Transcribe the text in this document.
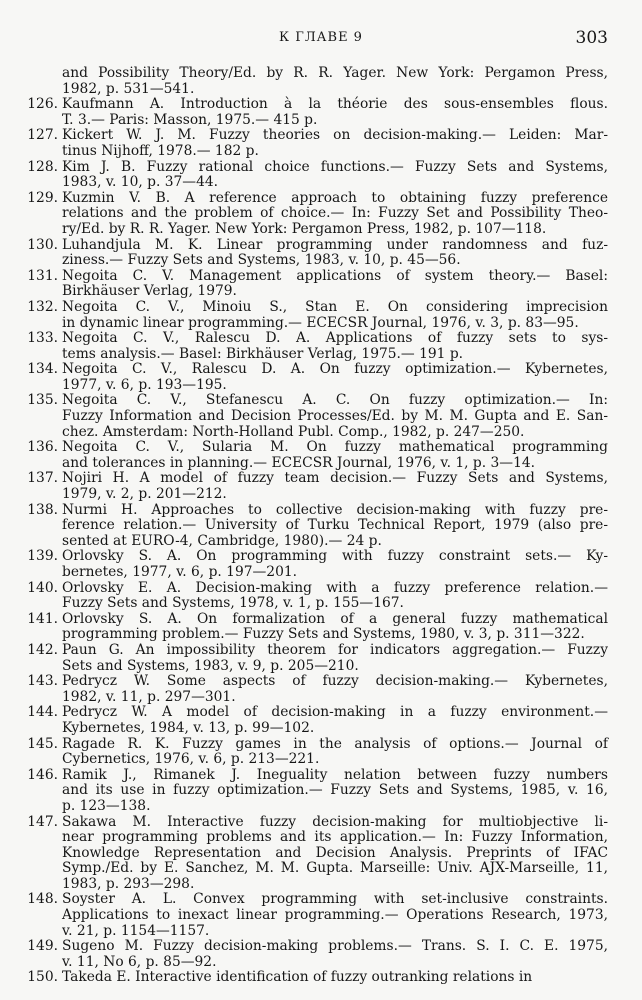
К ГЛАВЕ 9	303
and Possibility Theory/Ed. by R. R. Yager. New York: Pergamon Press,
1982, p. 531—541.
126. Kaufmann A. Introduction à la théorie des sous-ensembles flous.
T. 3.— Paris: Masson, 1975.— 415 p.
127. Kickert W. J. M. Fuzzy theories on decision-making.— Leiden: Mar-
tinus Nijhoff, 1978.— 182 p.
128. Kim J. B. Fuzzy rational choice functions.— Fuzzy Sets and Systems,
1983, v. 10, p. 37—44.
129. Kuzmin V. B. A reference approach to obtaining fuzzy preference
relations and the problem of choice.— In: Fuzzy Set and Possibility Theo-
ry/Ed. by R. R. Yager. New York: Pergamon Press, 1982, p. 107—118.
130. Luhandjula M. K. Linear programming under randomness and fuz-
ziness.— Fuzzy Sets and Systems, 1983, v. 10, p. 45—56.
131. Negoita C. V. Management applications of system theory.— Basel:
Birkhäuser Verlag, 1979.
132. Negoita C. V., Minoiu S., Stan E. On considering imprecision
in dynamic linear programming.— ECECSR Journal, 1976, v. 3, p. 83—95.
133. Negoita C. V., Ralescu D. A. Applications of fuzzy sets to sys-
tems analysis.— Basel: Birkhäuser Verlag, 1975.— 191 p.
134. Negoita C. V., Ralescu D. A. On fuzzy optimization.— Kybernetes,
1977, v. 6, p. 193—195.
135. Negoita C. V., Stefanescu A. C. On fuzzy optimization.— In:
Fuzzy Information and Decision Processes/Ed. by M. M. Gupta and E. San-
chez. Amsterdam: North-Holland Publ. Comp., 1982, p. 247—250.
136. Negoita C. V., Sularia M. On fuzzy mathematical programming
and tolerances in planning.— ECECSR Journal, 1976, v. 1, p. 3—14.
137. Nojiri H. A model of fuzzy team decision.— Fuzzy Sets and Systems,
1979, v. 2, p. 201—212.
138. Nurmi H. Approaches to collective decision-making with fuzzy pre-
ference relation.— University of Turku Technical Report, 1979 (also pre-
sented at EURO-4, Cambridge, 1980).— 24 p.
139. Orlovsky S. A. On programming with fuzzy constraint sets.— Ky-
bernetes, 1977, v. 6, p. 197—201.
140. Orlovsky E. A. Decision-making with a fuzzy preference relation.—
Fuzzy Sets and Systems, 1978, v. 1, p. 155—167.
141. Orlovsky S. A. On formalization of a general fuzzy mathematical
programming problem.— Fuzzy Sets and Systems, 1980, v. 3, p. 311—322.
142. Paun G. An impossibility theorem for indicators aggregation.— Fuzzy
Sets and Systems, 1983, v. 9, p. 205—210.
143. Pedrycz W. Some aspects of fuzzy decision-making.— Kybernetes,
1982, v. 11, p. 297—301.
144. Pedrycz W. A model of decision-making in a fuzzy environment.—
Kybernetes, 1984, v. 13, p. 99—102.
145. Ragade R. K. Fuzzy games in the analysis of options.— Journal of
Cybernetics, 1976, v. 6, p. 213—221.
146. Ramik J., Rimanek J. Ineguality nelation between fuzzy numbers
and its use in fuzzy optimization.— Fuzzy Sets and Systems, 1985, v. 16,
p. 123—138.
147. Sakawa M. Interactive fuzzy decision-making for multiobjective li-
near programming problems and its application.— In: Fuzzy Information,
Knowledge Representation and Decision Analysis. Preprints of IFAC
Symp./Ed. by E. Sanchez, M. M. Gupta. Marseille: Univ. AJX-Marseille, 11,
1983, p. 293—298.
148. Soyster A. L. Convex programming with set-inclusive constraints.
Applications to inexact linear programming.— Operations Research, 1973,
v. 21, p. 1154—1157.
149. Sugeno M. Fuzzy decision-making problems.— Trans. S. I. C. E. 1975,
v. 11, No 6, p. 85—92.
150. Takeda E. Interactive identification of fuzzy outranking relations in
